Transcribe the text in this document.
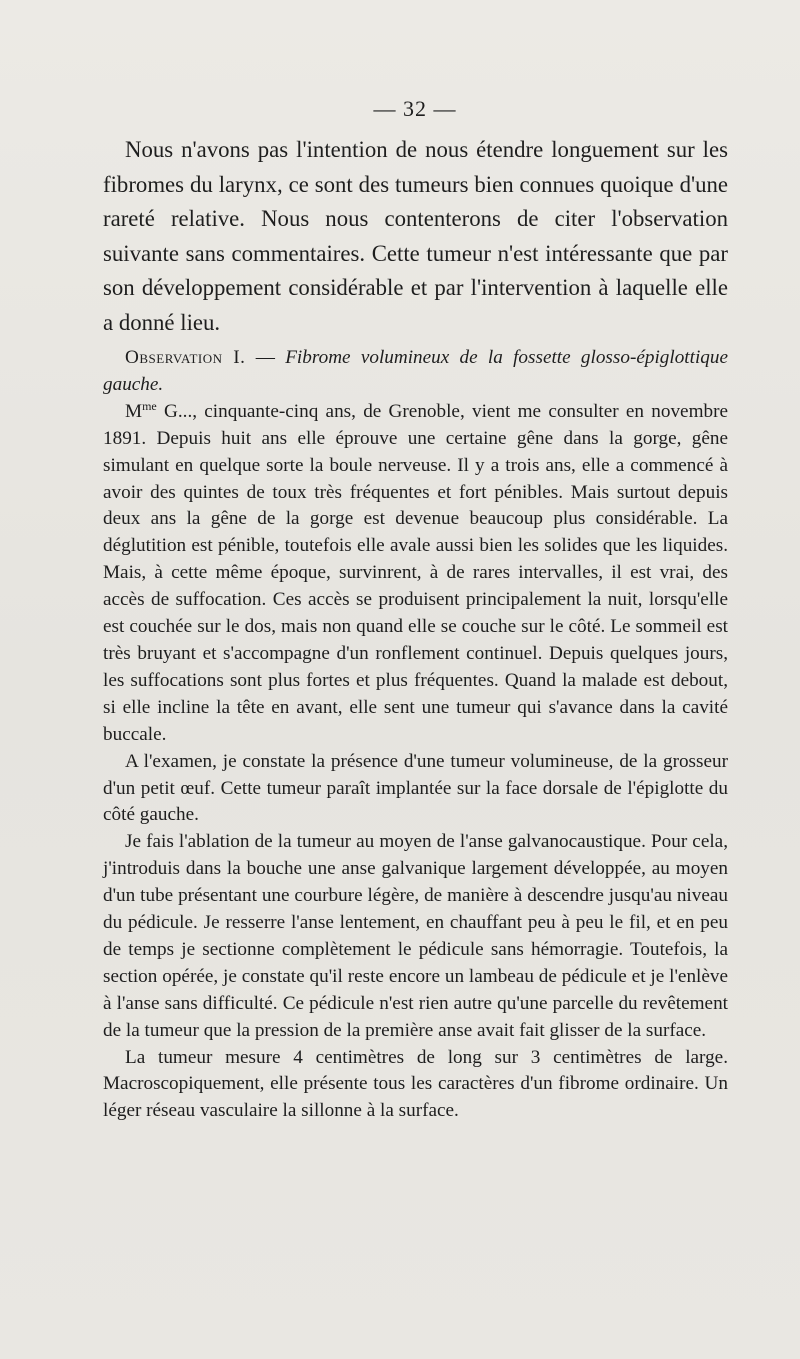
— 32 —
Nous n'avons pas l'intention de nous étendre longuement sur les fibromes du larynx, ce sont des tumeurs bien connues quoique d'une rareté relative. Nous nous contenterons de citer l'observation suivante sans commentaires. Cette tumeur n'est intéressante que par son développement considérable et par l'intervention à laquelle elle a donné lieu.

Observation I. — Fibrome volumineux de la fossette glosso-épiglottique gauche.

$M^{me}$ G..., cinquante-cinq ans, de Grenoble, vient me consulter en novembre 1891. Depuis huit ans elle éprouve une certaine gêne dans la gorge, gêne simulant en quelque sorte la boule nerveuse. Il y a trois ans, elle a commencé à avoir des quintes de toux très fréquentes et fort pénibles. Mais surtout depuis deux ans la gêne de la gorge est devenue beaucoup plus considérable. La déglutition est pénible, toutefois elle avale aussi bien les solides que les liquides. Mais, à cette même époque, survinrent, à de rares intervalles, il est vrai, des accès de suffocation. Ces accès se produisent principalement la nuit, lorsqu'elle est couchée sur le dos, mais non quand elle se couche sur le côté. Le sommeil est très bruyant et s'accompagne d'un ronflement continuel. Depuis quelques jours, les suffocations sont plus fortes et plus fréquentes. Quand la malade est debout, si elle incline la tête en avant, elle sent une tumeur qui s'avance dans la cavité buccale.

A l'examen, je constate la présence d'une tumeur volumineuse, de la grosseur d'un petit œuf. Cette tumeur paraît implantée sur la face dorsale de l'épiglotte du côté gauche.

Je fais l'ablation de la tumeur au moyen de l'anse galvanocaustique. Pour cela, j'introduis dans la bouche une anse galvanique largement développée, au moyen d'un tube présentant une courbure légère, de manière à descendre jusqu'au niveau du pédicule. Je resserre l'anse lentement, en chauffant peu à peu le fil, et en peu de temps je sectionne complètement le pédicule sans hémorragie. Toutefois, la section opérée, je constate qu'il reste encore un lambeau de pédicule et je l'enlève à l'anse sans difficulté. Ce pédicule n'est rien autre qu'une parcelle du revêtement de la tumeur que la pression de la première anse avait fait glisser de la surface.

La tumeur mesure 4 centimètres de long sur 3 centimètres de large. Macroscopiquement, elle présente tous les caractères d'un fibrome ordinaire. Un léger réseau vasculaire la sillonne à la surface.
